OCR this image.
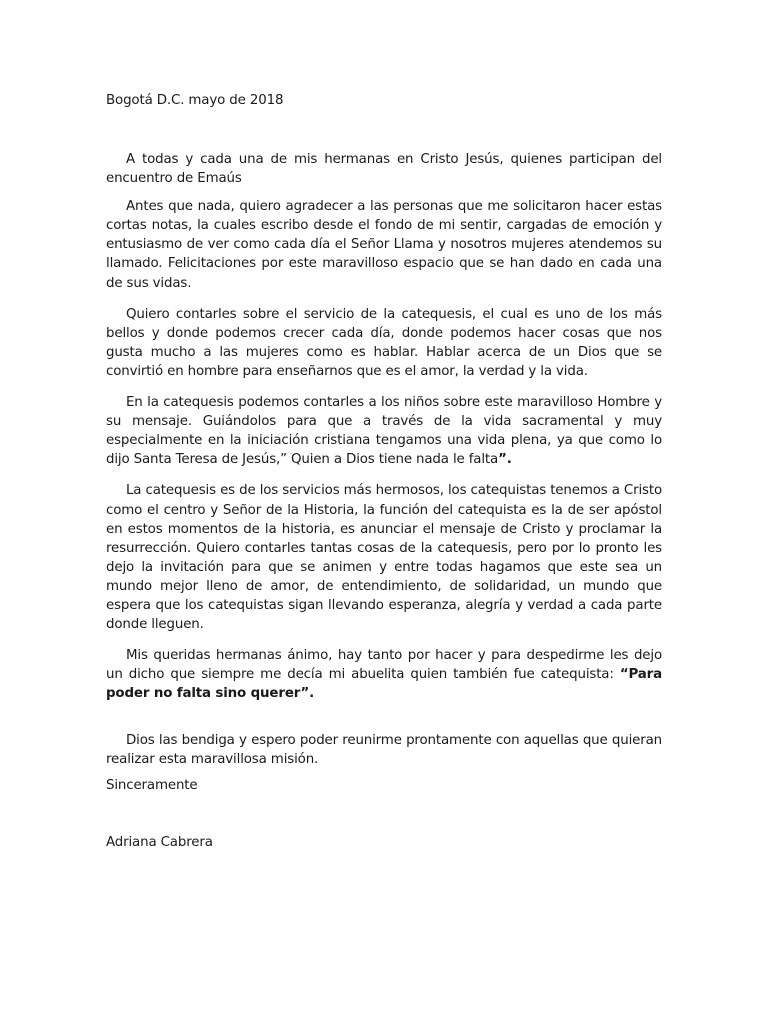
Bogotá D.C. mayo de 2018

A todas y cada una de mis hermanas en Cristo Jesús, quienes participan del encuentro de Emaús

Antes que nada, quiero agradecer a las personas que me solicitaron hacer estas cortas notas, la cuales escribo desde el fondo de mi sentir, cargadas de emoción y entusiasmo de ver como cada día el Señor Llama y nosotros mujeres atendemos su llamado. Felicitaciones por este maravilloso espacio que se han dado en cada una de sus vidas.

Quiero contarles sobre el servicio de la catequesis, el cual es uno de los más bellos y donde podemos crecer cada día, donde podemos hacer cosas que nos gusta mucho a las mujeres como es hablar. Hablar acerca de un Dios que se convirtió en hombre para enseñarnos que es el amor, la verdad y la vida.

En la catequesis podemos contarles a los niños sobre este maravilloso Hombre y su mensaje. Guiándolos para que a través de la vida sacramental y muy especialmente en la iniciación cristiana tengamos una vida plena, ya que como lo dijo Santa Teresa de Jesús,” Quien a Dios tiene nada le falta”.

La catequesis es de los servicios más hermosos, los catequistas tenemos a Cristo como el centro y Señor de la Historia, la función del catequista es la de ser apóstol en estos momentos de la historia, es anunciar el mensaje de Cristo y proclamar la resurrección. Quiero contarles tantas cosas de la catequesis, pero por lo pronto les dejo la invitación para que se animen y entre todas hagamos que este sea un mundo mejor lleno de amor, de entendimiento, de solidaridad, un mundo que espera que los catequistas sigan llevando esperanza, alegría y verdad a cada parte donde lleguen.

Mis queridas hermanas ánimo, hay tanto por hacer y para despedirme les dejo un dicho que siempre me decía mi abuelita quien también fue catequista: “Para poder no falta sino querer”.

Dios las bendiga y espero poder reunirme prontamente con aquellas que quieran realizar esta maravillosa misión.

Sinceramente
Adriana Cabrera
